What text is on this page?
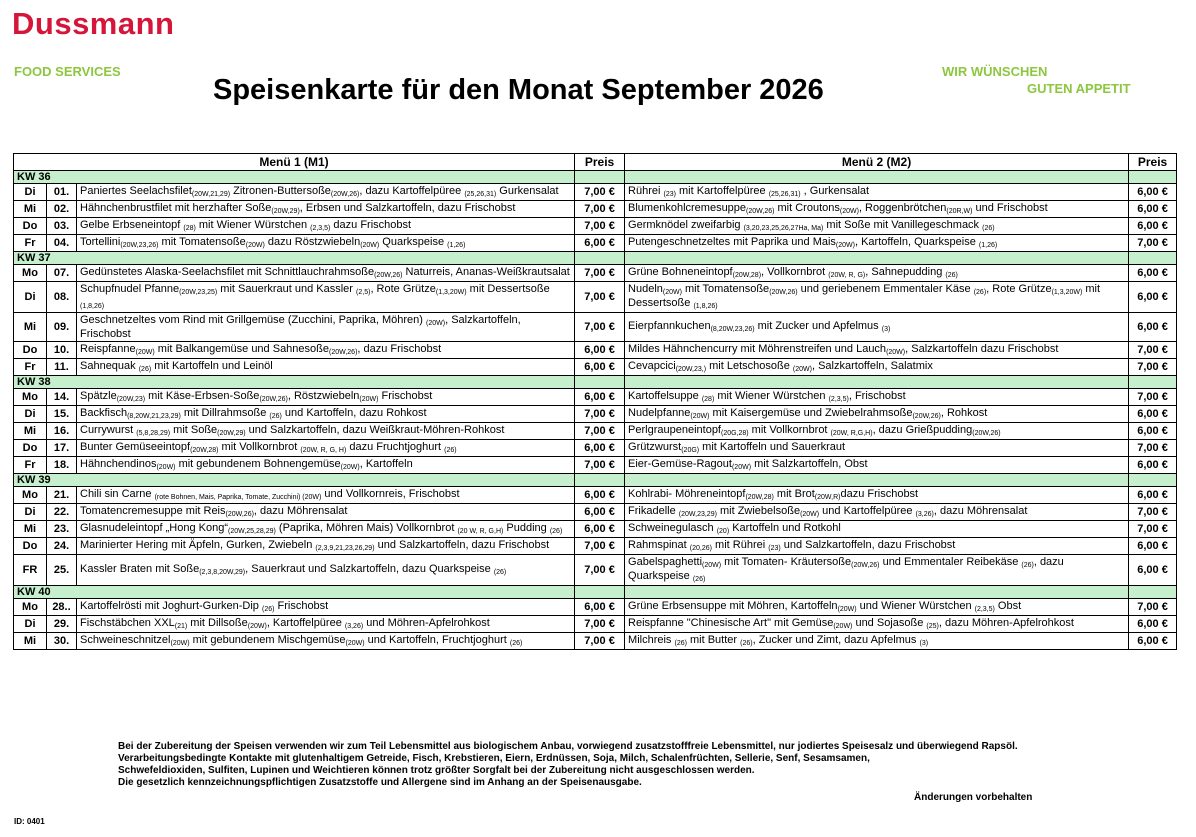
Dussmann
FOOD SERVICES
Speisenkarte für den Monat September 2026
WIR WÜNSCHEN
GUTEN APPETIT
Menü 1 (M1)			Preis	Menü 2 (M2)	Preis
KW 36					
Di	01.	Paniertes Seelachsfilet$_{(20W,21,29)}$ Zitronen-Buttersoße$_{(20W,26)}$, dazu Kartoffelpüree $_{(25,26,31)}$ Gurkensalat	7,00 €	Rührei $_{(23)}$ mit Kartoffelpüree $_{(25,26,31)}$ , Gurkensalat	6,00 €
Mi	02.	Hähnchenbrustfilet mit herzhafter Soße$_{(20W,29)}$, Erbsen und Salzkartoffeln, dazu Frischobst	7,00 €	Blumenkohlcremesuppe$_{(20W,26)}$ mit Croutons$_{(20W)}$, Roggenbrötchen$_{(20R,W)}$ und Frischobst	6,00 €
Do	03.	Gelbe Erbseneintopf $_{(28)}$ mit Wiener Würstchen $_{(2,3,5)}$ dazu Frischobst	7,00 €	Germknödel zweifarbig $_{(3,20,23,25,26,27Ha, Ma)}$ mit Soße mit Vanillegeschmack $_{(26)}$	6,00 €
Fr	04.	Tortellini$_{(20W,23,26)}$ mit Tomatensoße$_{(20W)}$ dazu Röstzwiebeln$_{(20W)}$ Quarkspeise $_{(1,26)}$	6,00 €	Putengeschnetzeltes mit Paprika und Mais$_{(20W)}$, Kartoffeln, Quarkspeise $_{(1,26)}$	7,00 €
KW 37					
Mo	07.	Gedünstetes Alaska-Seelachsfilet mit Schnittlauchrahmsoße$_{(20W,26)}$ Naturreis, Ananas-Weißkrautsalat	7,00 €	Grüne Bohneneintopf$_{(20W,28)}$, Vollkornbrot $_{(20W, R, G)}$, Sahnepudding $_{(26)}$	6,00 €
Di	08.	Schupfnudel Pfanne$_{(20W,23,25)}$ mit Sauerkraut und Kassler $_{(2,5)}$, Rote Grütze$_{(1,3,20W)}$ mit Dessertsoße $_{(1,8,26)}$	7,00 €	Nudeln$_{(20W)}$ mit Tomatensoße$_{(20W,26)}$ und geriebenem Emmentaler Käse $_{(26)}$, Rote Grütze$_{(1,3,20W)}$ mit Dessertsoße $_{(1,8,26)}$	6,00 €
Mi	09.	Geschnetzeltes vom Rind mit Grillgemüse (Zucchini, Paprika, Möhren) $_{(20W)}$, Salzkartoffeln, Frischobst	7,00 €	Eierpfannkuchen$_{(8,20W,23,26)}$ mit Zucker und Apfelmus $_{(3)}$	6,00 €
Do	10.	Reispfanne$_{(20W)}$ mit Balkangemüse und Sahnesoße$_{(20W,26)}$, dazu Frischobst	6,00 €	Mildes Hähnchencurry mit Möhrenstreifen und Lauch$_{(20W)}$, Salzkartoffeln dazu Frischobst	7,00 €
Fr	11.	Sahnequak $_{(26)}$ mit Kartoffeln und Leinöl	6,00 €	Cevapcici$_{(20W,23,)}$ mit Letschosoße $_{(20W)}$, Salzkartoffeln, Salatmix	7,00 €
KW 38					
Mo	14.	Spätzle$_{(20W,23)}$ mit Käse-Erbsen-Soße$_{(20W,26)}$, Röstzwiebeln$_{(20W)}$ Frischobst	6,00 €	Kartoffelsuppe $_{(28)}$ mit Wiener Würstchen $_{(2,3,5)}$, Frischobst	7,00 €
Di	15.	Backfisch$_{(8,20W,21,23,29)}$ mit Dillrahmsoße $_{(26)}$ und Kartoffeln, dazu Rohkost	7,00 €	Nudelpfanne$_{(20W)}$ mit Kaisergemüse und Zwiebelrahmsoße$_{(20W,26)}$, Rohkost	6,00 €
Mi	16.	Currywurst $_{(5,8,28,29)}$ mit Soße$_{(20W,29)}$ und Salzkartoffeln, dazu Weißkraut-Möhren-Rohkost	7,00 €	Perlgraupeneintopf$_{(20G,28)}$ mit Vollkornbrot $_{(20W, R,G,H)}$, dazu Grießpudding$_{(20W,26)}$	6,00 €
Do	17.	Bunter Gemüseeintopf$_{(20W,28)}$ mit Vollkornbrot $_{(20W, R, G, H)}$ dazu Fruchtjoghurt $_{(26)}$	6,00 €	Grützwurst$_{(20G)}$ mit Kartoffeln und Sauerkraut	7,00 €
Fr	18.	Hähnchendinos$_{(20W)}$ mit gebundenem Bohnengemüse$_{(20W)}$, Kartoffeln	7,00 €	Eier-Gemüse-Ragout$_{(20W)}$ mit Salzkartoffeln, Obst	6,00 €
KW 39					
Mo	21.	Chili sin Carne $_{(rote Bohnen, Mais, Paprika, Tomate, Zucchini) (20W)}$ und Vollkornreis, Frischobst	6,00 €	Kohlrabi- Möhreneintopf$_{(20W,28)}$ mit Brot$_{(20W,R)}$dazu Frischobst	6,00 €
Di	22.	Tomatencremesuppe mit Reis$_{(20W,26)}$, dazu Möhrensalat	6,00 €	Frikadelle $_{(20W,23,29)}$ mit Zwiebelsoße$_{(20W)}$ und Kartoffelpüree $_{(3,26)}$, dazu Möhrensalat	7,00 €
Mi	23.	Glasnudeleintopf „Hong $Kong“_{(20W,25,28,29)}$ (Paprika, Möhren Mais) Vollkornbrot $_{(20 W, R, G,H)}$ Pudding $_{(26)}$	6,00 €	Schweinegulasch $_{(20)}$ Kartoffeln und Rotkohl	7,00 €
Do	24.	Marinierter Hering mit Äpfeln, Gurken, Zwiebeln $_{(2,3,9,21,23,26,29)}$ und Salzkartoffeln, dazu Frischobst	7,00 €	Rahmspinat $_{(20,26)}$ mit Rührei $_{(23)}$ und Salzkartoffeln, dazu Frischobst	6,00 €
FR	25.	Kassler Braten mit Soße$_{(2,3,8,20W,29)}$, Sauerkraut und Salzkartoffeln, dazu Quarkspeise $_{(26)}$	7,00 €	Gabelspaghetti$_{(20W)}$ mit Tomaten- Kräutersoße$_{(20W,26)}$ und Emmentaler Reibekäse $_{(26)}$, dazu Quarkspeise $_{(26)}$	6,00 €
KW 40					
Mo	28..	Kartoffelrösti mit Joghurt-Gurken-Dip $_{(26)}$ Frischobst	6,00 €	Grüne Erbsensuppe mit Möhren, Kartoffeln$_{(20W)}$ und Wiener Würstchen $_{(2,3,5)}$ Obst	7,00 €
Di	29.	Fischstäbchen $XXL_{(21)}$ mit Dillsoße$_{(20W)}$, Kartoffelpüree $_{(3,26)}$ und Möhren-Apfelrohkost	7,00 €	Reispfanne "Chinesische Art" mit Gemüse$_{(20W)}$ und Sojasoße $_{(25)}$, dazu Möhren-Apfelrohkost	6,00 €
Mi	30.	Schweineschnitzel$_{(20W)}$ mit gebundenem Mischgemüse$_{(20W)}$ und Kartoffeln, Fruchtjoghurt $_{(26)}$	7,00 €	Milchreis $_{(26)}$ mit Butter $_{(26)}$, Zucker und Zimt, dazu Apfelmus $_{(3)}$	6,00 €
Bei der Zubereitung der Speisen verwenden wir zum Teil Lebensmittel aus biologischem Anbau, vorwiegend zusatzstofffreie Lebensmittel, nur jodiertes Speisesalz und überwiegend Rapsöl.
Verarbeitungsbedingte Kontakte mit glutenhaltigem Getreide, Fisch, Krebstieren, Eiern, Erdnüssen, Soja, Milch, Schalenfrüchten, Sellerie, Senf, Sesamsamen,
Schwefeldioxiden, Sulfiten, Lupinen und Weichtieren können trotz größter Sorgfalt bei der Zubereitung nicht ausgeschlossen werden.
Die gesetzlich kennzeichnungspflichtigen Zusatzstoffe und Allergene sind im Anhang an der Speisenausgabe.
Änderungen vorbehalten
ID: 0401
